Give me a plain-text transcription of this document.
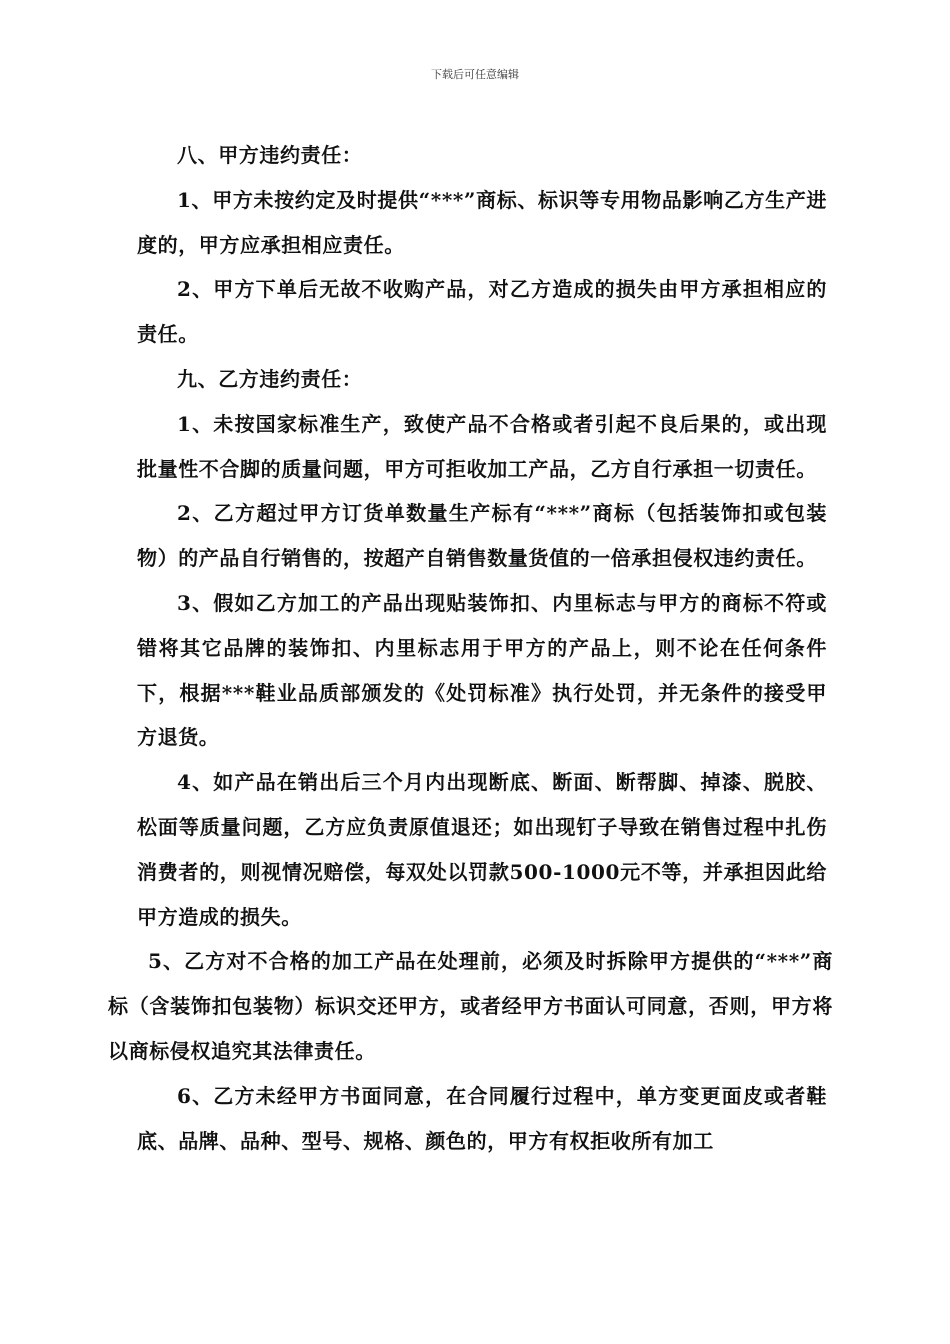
下载后可任意编辑

八、甲方违约责任：

1、甲方未按约定及时提供“***”商标、标识等专用物品影响乙方生产进度的，甲方应承担相应责任。

2、甲方下单后无故不收购产品，对乙方造成的损失由甲方承担相应的责任。

九、乙方违约责任：

1、未按国家标准生产，致使产品不合格或者引起不良后果的，或出现批量性不合脚的质量问题，甲方可拒收加工产品，乙方自行承担一切责任。

2、乙方超过甲方订货单数量生产标有“***”商标（包括装饰扣或包装物）的产品自行销售的，按超产自销售数量货值的一倍承担侵权违约责任。

3、假如乙方加工的产品出现贴装饰扣、内里标志与甲方的商标不符或错将其它品牌的装饰扣、内里标志用于甲方的产品上，则不论在任何条件下，根据***鞋业品质部颁发的《处罚标准》执行处罚，并无条件的接受甲方退货。

4、如产品在销出后三个月内出现断底、断面、断帮脚、掉漆、脱胶、松面等质量问题，乙方应负责原值退还；如出现钉子导致在销售过程中扎伤消费者的，则视情况赔偿，每双处以罚款500-1000元不等，并承担因此给甲方造成的损失。

5、乙方对不合格的加工产品在处理前，必须及时拆除甲方提供的“***”商标（含装饰扣包装物）标识交还甲方，或者经甲方书面认可同意，否则，甲方将以商标侵权追究其法律责任。

6、乙方未经甲方书面同意，在合同履行过程中，单方变更面皮或者鞋底、品牌、品种、型号、规格、颜色的，甲方有权拒收所有加工
